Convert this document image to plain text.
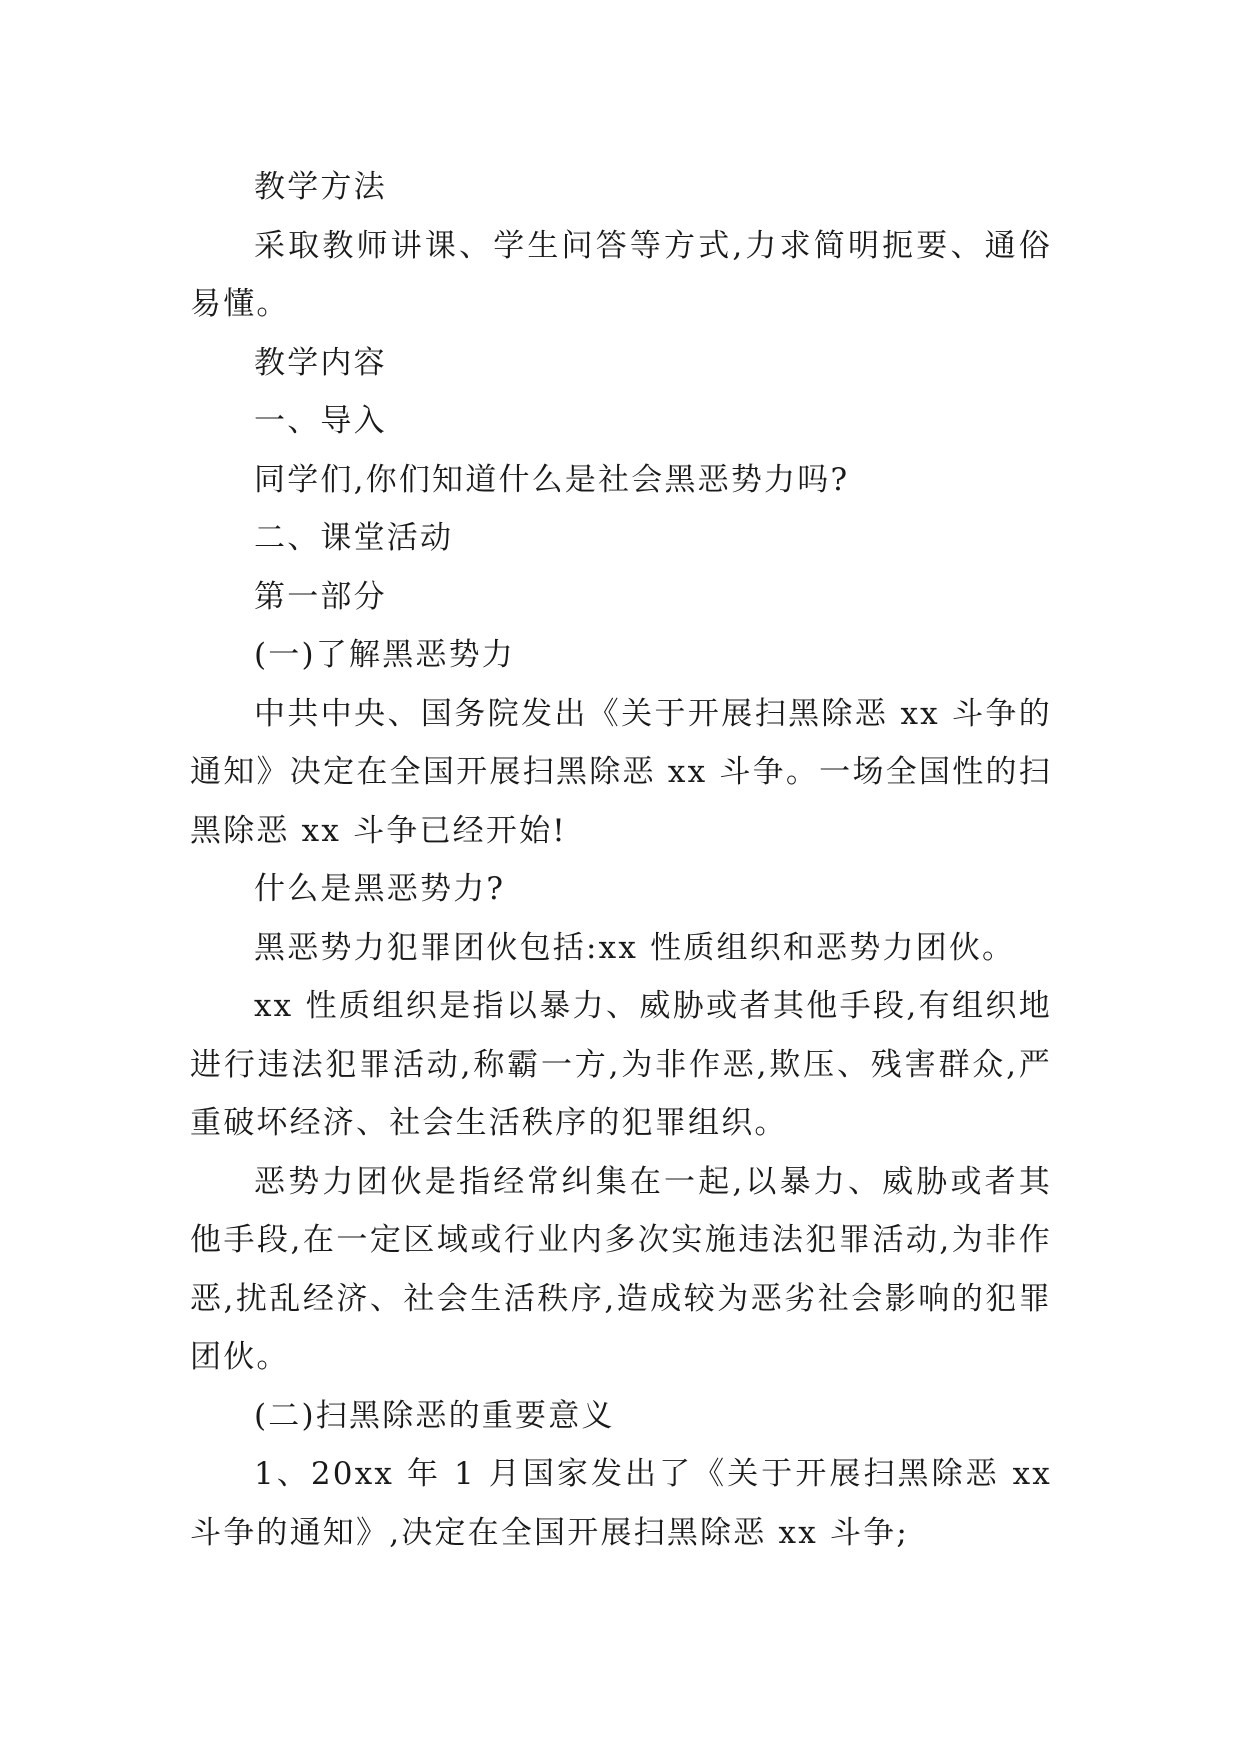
教学方法

采取教师讲课、学生问答等方式,力求简明扼要、通俗易懂。

教学内容

一、导入

同学们,你们知道什么是社会黑恶势力吗?

二、课堂活动

第一部分

(一)了解黑恶势力

中共中央、国务院发出《关于开展扫黑除恶 xx 斗争的通知》决定在全国开展扫黑除恶 xx 斗争。一场全国性的扫黑除恶 xx 斗争已经开始!

什么是黑恶势力?

黑恶势力犯罪团伙包括:xx 性质组织和恶势力团伙。

xx 性质组织是指以暴力、威胁或者其他手段,有组织地进行违法犯罪活动,称霸一方,为非作恶,欺压、残害群众,严重破坏经济、社会生活秩序的犯罪组织。

恶势力团伙是指经常纠集在一起,以暴力、威胁或者其他手段,在一定区域或行业内多次实施违法犯罪活动,为非作恶,扰乱经济、社会生活秩序,造成较为恶劣社会影响的犯罪团伙。

(二)扫黑除恶的重要意义

1、20xx 年 1 月国家发出了《关于开展扫黑除恶 xx 斗争的通知》,决定在全国开展扫黑除恶 xx 斗争;
